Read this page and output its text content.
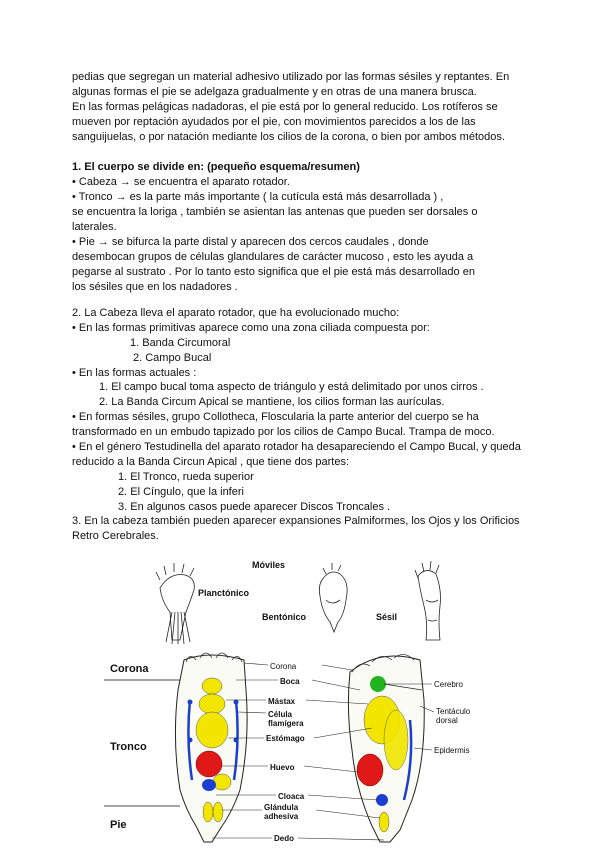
pedias que segregan un material adhesivo utilizado por las formas sésiles y reptantes. En
algunas formas el pie se adelgaza gradualmente y en otras de una manera brusca.
En las formas pelágicas nadadoras, el pie está por lo general reducido. Los rotíferos se
mueven por reptación ayudados por el pie, con movimientos parecidos a los de las
sanguijuelas, o por natación mediante los cilios de la corona, o bien por ambos métodos.
1. El cuerpo se divide en: (pequeño esquema/resumen)
• Cabeza → se encuentra el aparato rotador.
• Tronco → es la parte más importante ( la cutícula está más desarrollada ) ,
se encuentra la loriga , también se asientan las antenas que pueden ser dorsales o
laterales.
• Pie → se bifurca la parte distal y aparecen dos cercos caudales , donde
desembocan grupos de células glandulares de carácter mucoso , esto les ayuda a
pegarse al sustrato . Por lo tanto esto significa que el pie está más desarrollado en
los sésiles que en los nadadores .
2. La Cabeza lleva el aparato rotador, que ha evolucionado mucho:
• En las formas primitivas aparece como una zona ciliada compuesta por:
1. Banda Circumoral
2. Campo Bucal
• En las formas actuales :
1. El campo bucal toma aspecto de triángulo y está delimitado por unos cirros .
2. La Banda Circum Apical se mantiene, los cilios forman las aurículas.
• En formas sésiles, grupo Collotheca, Floscularia la parte anterior del cuerpo se ha
transformado en un embudo tapizado por los cilios de Campo Bucal. Trampa de moco.
• En el género Testudinella del aparato rotador ha desapareciendo el Campo Bucal, y queda
reducido a la Banda Circun Apical , que tiene dos partes:
1. El Tronco, rueda superior
2. El Cíngulo, que la inferi
3. En algunos casos puede aparecer Discos Troncales .
3. En la cabeza también pueden aparecer expansiones Palmiformes, los Ojos y los Orificios
Retro Cerebrales.
Móviles
Planctónico
Bentónico	Sésil
Corona
Tronco
Pie
Corona
Boca
Mástax
Célula
flamígera
Estómago
Huevo
Cloaca
Glándula
adhesiva
Dedo
Cerebro
Tentáculo
dorsal
Epidermis
